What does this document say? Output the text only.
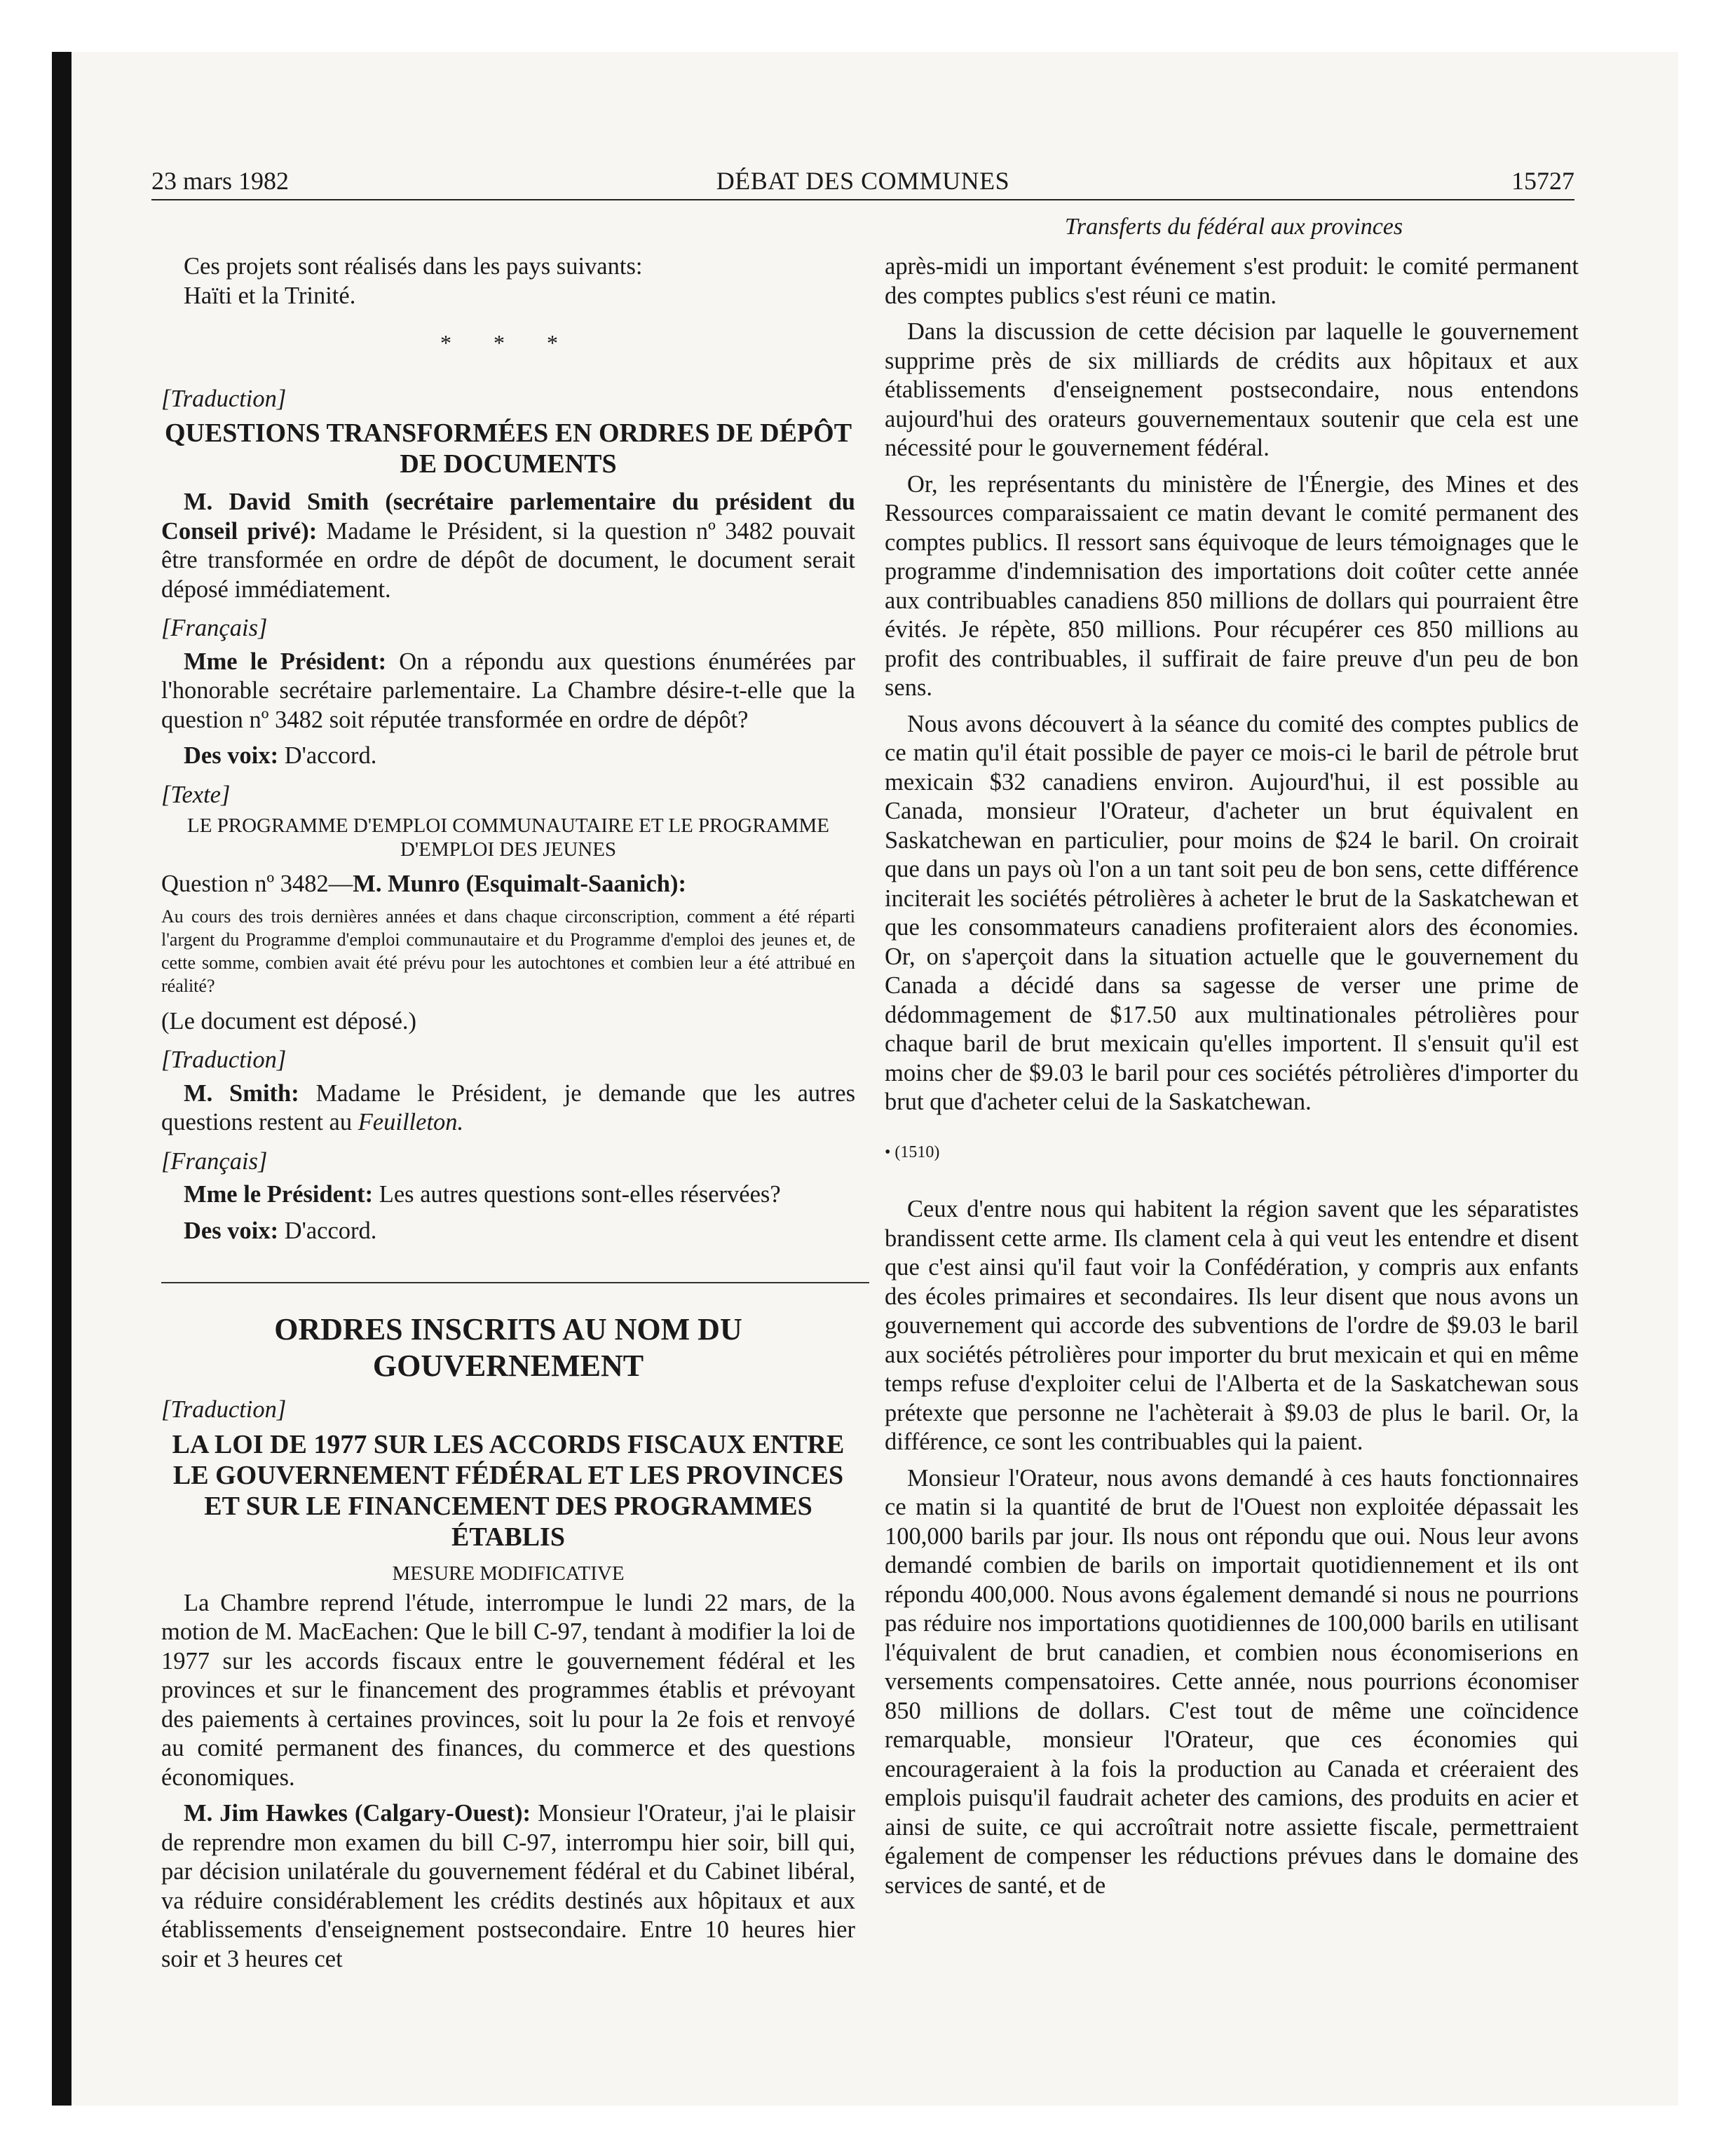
23 mars 1982	DÉBAT DES COMMUNES	15727
Transferts du fédéral aux provinces

Ces projets sont réalisés dans les pays suivants:

Haïti et la Trinité.

* * *
[Traduction]
QUESTIONS TRANSFORMÉES EN ORDRES DE DÉPÔT DE DOCUMENTS

M. David Smith (secrétaire parlementaire du président du Conseil privé): Madame le Président, si la question nº 3482 pouvait être transformée en ordre de dépôt de document, le document serait déposé immédiatement.

[Français]

Mme le Président: On a répondu aux questions énumérées par l'honorable secrétaire parlementaire. La Chambre désire-t-elle que la question nº 3482 soit réputée transformée en ordre de dépôt?

Des voix: D'accord.

[Texte]
LE PROGRAMME D'EMPLOI COMMUNAUTAIRE ET LE PROGRAMME D'EMPLOI DES JEUNES

Question nº 3482—M. Munro (Esquimalt-Saanich):

Au cours des trois dernières années et dans chaque circonscription, comment a été réparti l'argent du Programme d'emploi communautaire et du Programme d'emploi des jeunes et, de cette somme, combien avait été prévu pour les autochtones et combien leur a été attribué en réalité?

(Le document est déposé.)

[Traduction]

M. Smith: Madame le Président, je demande que les autres questions restent au Feuilleton.

[Français]

Mme le Président: Les autres questions sont-elles réservées?

Des voix: D'accord.

ORDRES INSCRITS AU NOM DU GOUVERNEMENT
[Traduction]
LA LOI DE 1977 SUR LES ACCORDS FISCAUX ENTRE LE GOUVERNEMENT FÉDÉRAL ET LES PROVINCES ET SUR LE FINANCEMENT DES PROGRAMMES ÉTABLIS
MESURE MODIFICATIVE

La Chambre reprend l'étude, interrompue le lundi 22 mars, de la motion de M. MacEachen: Que le bill C-97, tendant à modifier la loi de 1977 sur les accords fiscaux entre le gouvernement fédéral et les provinces et sur le financement des programmes établis et prévoyant des paiements à certaines provinces, soit lu pour la 2e fois et renvoyé au comité permanent des finances, du commerce et des questions économiques.

M. Jim Hawkes (Calgary-Ouest): Monsieur l'Orateur, j'ai le plaisir de reprendre mon examen du bill C-97, interrompu hier soir, bill qui, par décision unilatérale du gouvernement fédéral et du Cabinet libéral, va réduire considérablement les crédits destinés aux hôpitaux et aux établissements d'enseignement postsecondaire. Entre 10 heures hier soir et 3 heures cet

après-midi un important événement s'est produit: le comité permanent des comptes publics s'est réuni ce matin.

Dans la discussion de cette décision par laquelle le gouvernement supprime près de six milliards de crédits aux hôpitaux et aux établissements d'enseignement postsecondaire, nous entendons aujourd'hui des orateurs gouvernementaux soutenir que cela est une nécessité pour le gouvernement fédéral.

Or, les représentants du ministère de l'Énergie, des Mines et des Ressources comparaissaient ce matin devant le comité permanent des comptes publics. Il ressort sans équivoque de leurs témoignages que le programme d'indemnisation des importations doit coûter cette année aux contribuables canadiens 850 millions de dollars qui pourraient être évités. Je répète, 850 millions. Pour récupérer ces 850 millions au profit des contribuables, il suffirait de faire preuve d'un peu de bon sens.

Nous avons découvert à la séance du comité des comptes publics de ce matin qu'il était possible de payer ce mois-ci le baril de pétrole brut mexicain $32 canadiens environ. Aujourd'hui, il est possible au Canada, monsieur l'Orateur, d'acheter un brut équivalent en Saskatchewan en particulier, pour moins de $24 le baril. On croirait que dans un pays où l'on a un tant soit peu de bon sens, cette différence inciterait les sociétés pétrolières à acheter le brut de la Saskatchewan et que les consommateurs canadiens profiteraient alors des économies. Or, on s'aperçoit dans la situation actuelle que le gouvernement du Canada a décidé dans sa sagesse de verser une prime de dédommagement de $17.50 aux multinationales pétrolières pour chaque baril de brut mexicain qu'elles importent. Il s'ensuit qu'il est moins cher de $9.03 le baril pour ces sociétés pétrolières d'importer du brut que d'acheter celui de la Saskatchewan.

• (1510)

Ceux d'entre nous qui habitent la région savent que les séparatistes brandissent cette arme. Ils clament cela à qui veut les entendre et disent que c'est ainsi qu'il faut voir la Confédération, y compris aux enfants des écoles primaires et secondaires. Ils leur disent que nous avons un gouvernement qui accorde des subventions de l'ordre de $9.03 le baril aux sociétés pétrolières pour importer du brut mexicain et qui en même temps refuse d'exploiter celui de l'Alberta et de la Saskatchewan sous prétexte que personne ne l'achèterait à $9.03 de plus le baril. Or, la différence, ce sont les contribuables qui la paient.

Monsieur l'Orateur, nous avons demandé à ces hauts fonctionnaires ce matin si la quantité de brut de l'Ouest non exploitée dépassait les 100,000 barils par jour. Ils nous ont répondu que oui. Nous leur avons demandé combien de barils on importait quotidiennement et ils ont répondu 400,000. Nous avons également demandé si nous ne pourrions pas réduire nos importations quotidiennes de 100,000 barils en utilisant l'équivalent de brut canadien, et combien nous économiserions en versements compensatoires. Cette année, nous pourrions économiser 850 millions de dollars. C'est tout de même une coïncidence remarquable, monsieur l'Orateur, que ces économies qui encourageraient à la fois la production au Canada et créeraient des emplois puisqu'il faudrait acheter des camions, des produits en acier et ainsi de suite, ce qui accroîtrait notre assiette fiscale, permettraient également de compenser les réductions prévues dans le domaine des services de santé, et de
